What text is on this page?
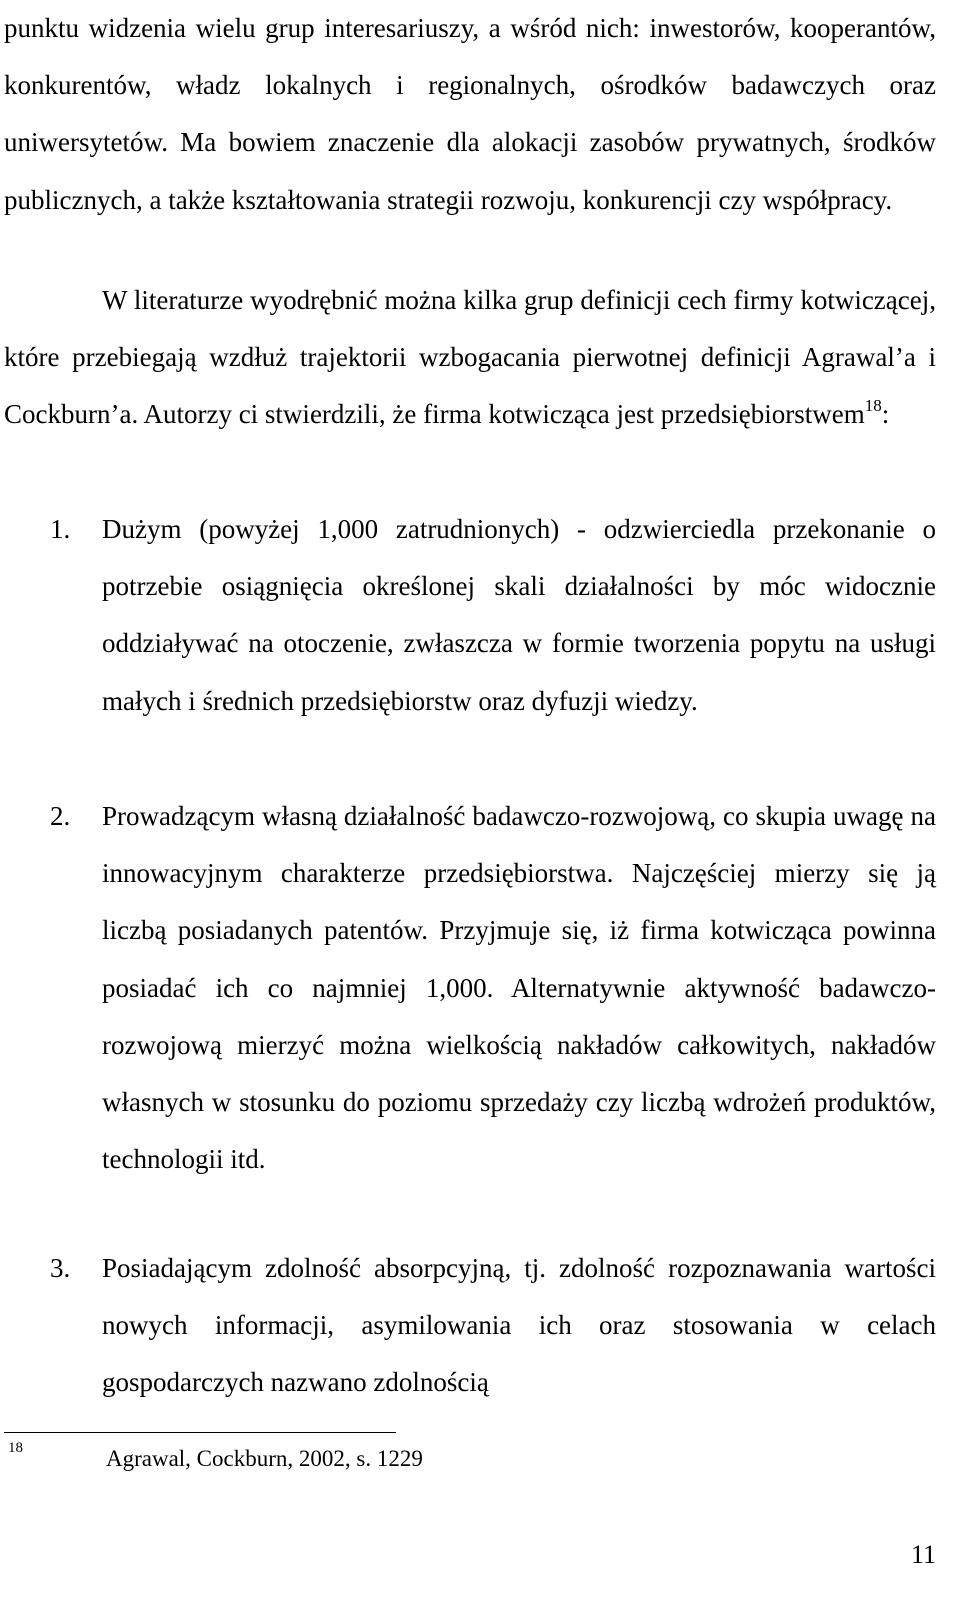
punktu widzenia wielu grup interesariuszy, a wśród nich: inwestorów, kooperantów, konkurentów, władz lokalnych i regionalnych, ośrodków badawczych oraz uniwersytetów. Ma bowiem znaczenie dla alokacji zasobów prywatnych, środków publicznych, a także kształtowania strategii rozwoju, konkurencji czy współpracy.

W literaturze wyodrębnić można kilka grup definicji cech firmy kotwiczącej, które przebiegają wzdłuż trajektorii wzbogacania pierwotnej definicji Agrawal’a i Cockburn’a. Autorzy ci stwierdzili, że firma kotwicząca jest przedsiębiorstwem$^{18}$:

1.	Dużym (powyżej 1,000 zatrudnionych) - odzwierciedla przekonanie o potrzebie osiągnięcia określonej skali działalności by móc widocznie oddziaływać na otoczenie, zwłaszcza w formie tworzenia popytu na usługi małych i średnich przedsiębiorstw oraz dyfuzji wiedzy.

2.	Prowadzącym własną działalność badawczo-rozwojową, co skupia uwagę na innowacyjnym charakterze przedsiębiorstwa. Najczęściej mierzy się ją liczbą posiadanych patentów. Przyjmuje się, iż firma kotwicząca powinna posiadać ich co najmniej 1,000. Alternatywnie aktywność badawczo-rozwojową mierzyć można wielkością nakładów całkowitych, nakładów własnych w stosunku do poziomu sprzedaży czy liczbą wdrożeń produktów, technologii itd.

3.	Posiadającym zdolność absorpcyjną, tj. zdolność rozpoznawania wartości nowych informacji, asymilowania ich oraz stosowania w celach gospodarczych nazwano zdolnością

18	Agrawal, Cockburn, 2002, s. 1229
11
